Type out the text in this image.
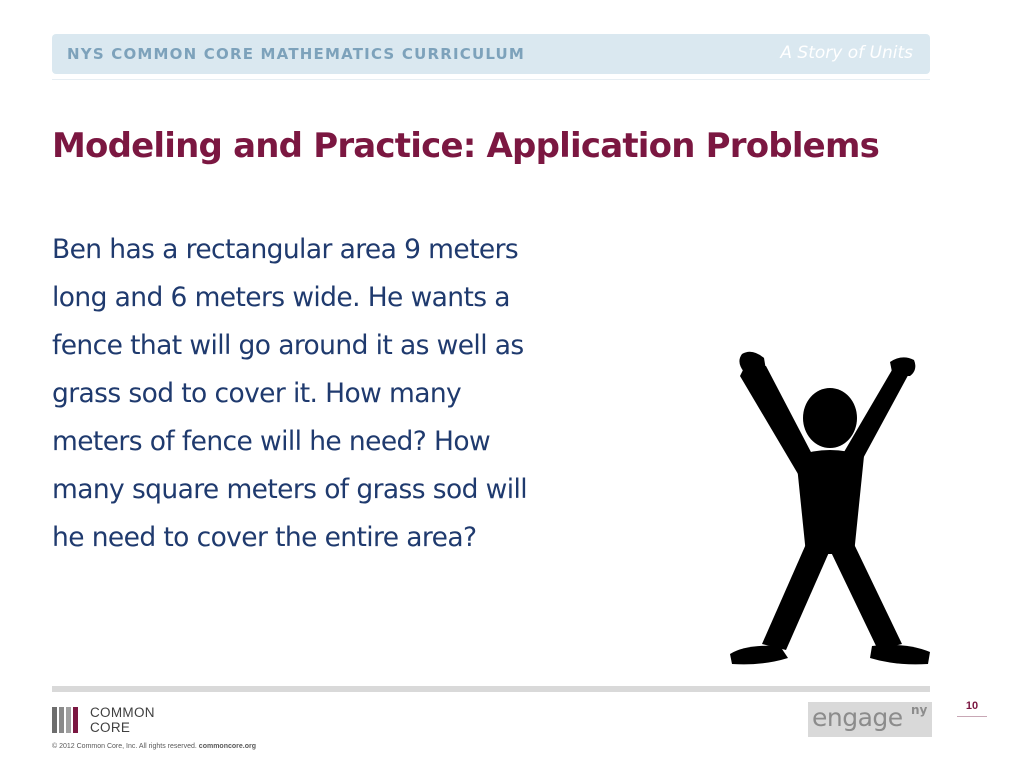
NYS COMMON CORE MATHEMATICS CURRICULUM	A Story of Units
Modeling and Practice: Application Problems

Ben has a rectangular area 9 meters
long and 6 meters wide. He wants a
fence that will go around it as well as
grass sod to cover it. How many
meters of fence will he need? How
many square meters of grass sod will
he need to cover the entire area?

COMMON
CORE
© 2012 Common Core, Inc. All rights reserved. commoncore.org
engage ny	10
